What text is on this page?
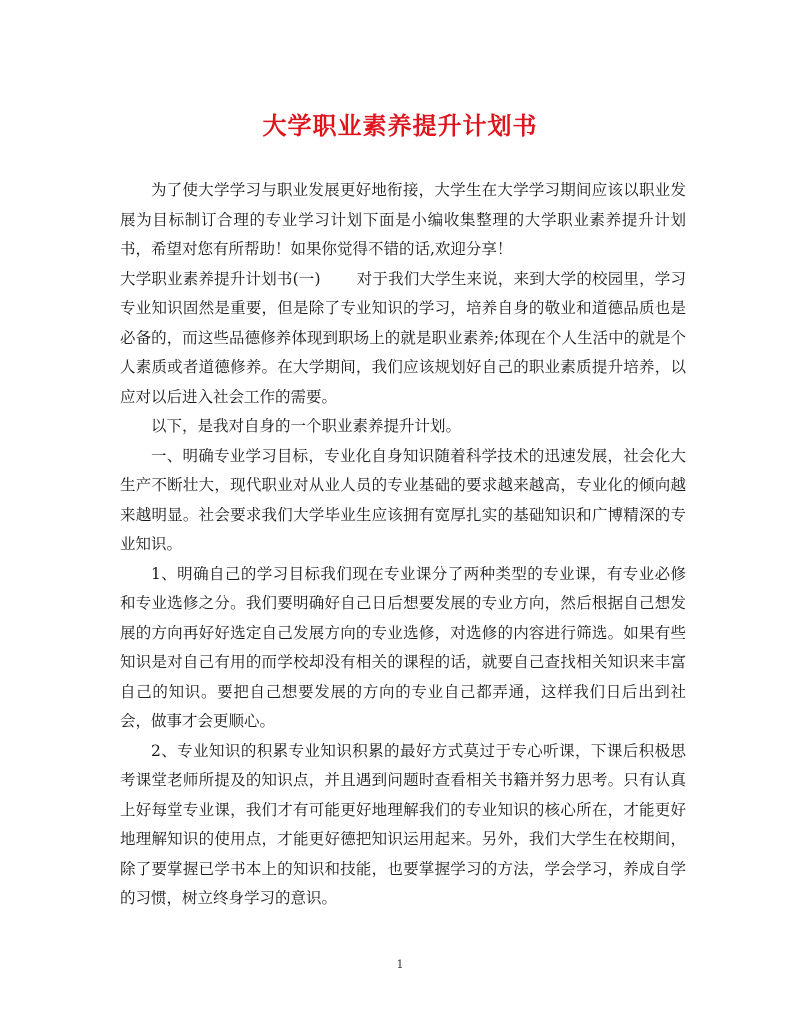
大学职业素养提升计划书

为了使大学学习与职业发展更好地衔接，大学生在大学学习期间应该以职业发展为目标制订合理的专业学习计划下面是小编收集整理的大学职业素养提升计划书，希望对您有所帮助！如果你觉得不错的话,欢迎分享！

大学职业素养提升计划书(一) 对于我们大学生来说，来到大学的校园里，学习专业知识固然是重要，但是除了专业知识的学习，培养自身的敬业和道德品质也是必备的，而这些品德修养体现到职场上的就是职业素养;体现在个人生活中的就是个人素质或者道德修养。在大学期间，我们应该规划好自己的职业素质提升培养，以应对以后进入社会工作的需要。

以下，是我对自身的一个职业素养提升计划。

一、明确专业学习目标，专业化自身知识随着科学技术的迅速发展，社会化大生产不断壮大，现代职业对从业人员的专业基础的要求越来越高，专业化的倾向越来越明显。社会要求我们大学毕业生应该拥有宽厚扎实的基础知识和广博精深的专业知识。

1、明确自己的学习目标我们现在专业课分了两种类型的专业课，有专业必修和专业选修之分。我们要明确好自己日后想要发展的专业方向，然后根据自己想发展的方向再好好选定自己发展方向的专业选修，对选修的内容进行筛选。如果有些知识是对自己有用的而学校却没有相关的课程的话，就要自己查找相关知识来丰富自己的知识。要把自己想要发展的方向的专业自己都弄通，这样我们日后出到社会，做事才会更顺心。

2、专业知识的积累专业知识积累的最好方式莫过于专心听课，下课后积极思考课堂老师所提及的知识点，并且遇到问题时查看相关书籍并努力思考。只有认真上好每堂专业课，我们才有可能更好地理解我们的专业知识的核心所在，才能更好地理解知识的使用点，才能更好德把知识运用起来。另外，我们大学生在校期间，除了要掌握已学书本上的知识和技能，也要掌握学习的方法，学会学习，养成自学的习惯，树立终身学习的意识。

1
